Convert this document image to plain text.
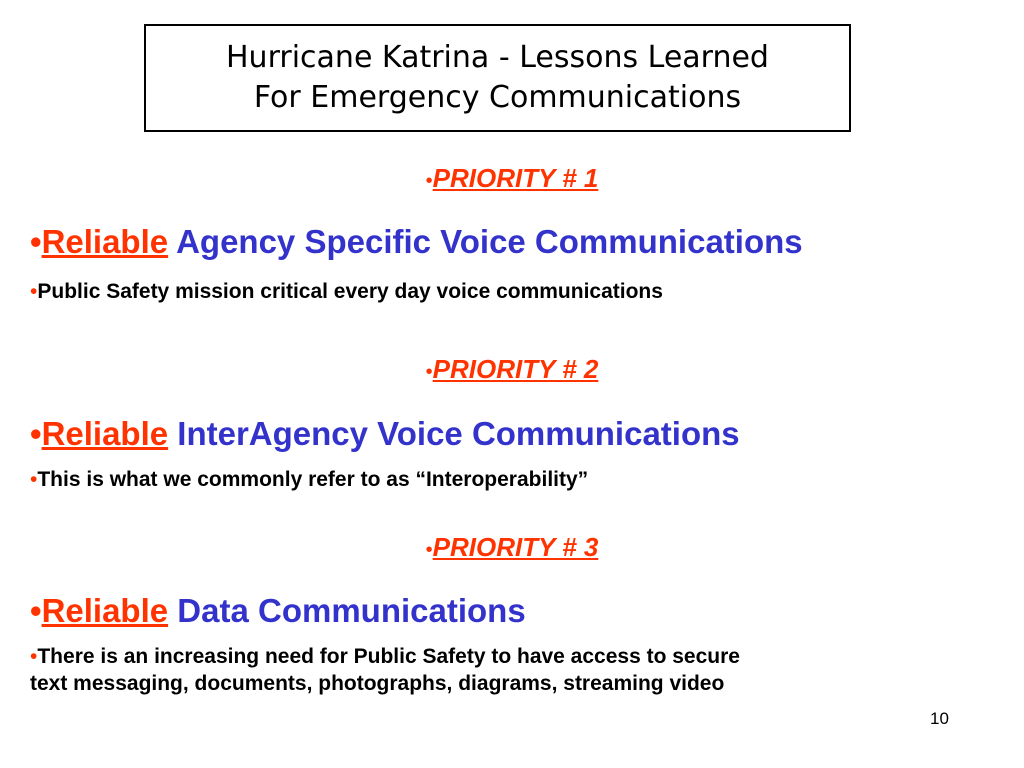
Hurricane Katrina - Lessons Learned
For Emergency Communications
•PRIORITY # 1
•Reliable Agency Specific Voice Communications
•Public Safety mission critical every day voice communications
•PRIORITY # 2
•Reliable InterAgency Voice Communications
•This is what we commonly refer to as “Interoperability”
•PRIORITY # 3
•Reliable Data Communications
•There is an increasing need for Public Safety to have access to secure
text messaging, documents, photographs, diagrams, streaming video
10
